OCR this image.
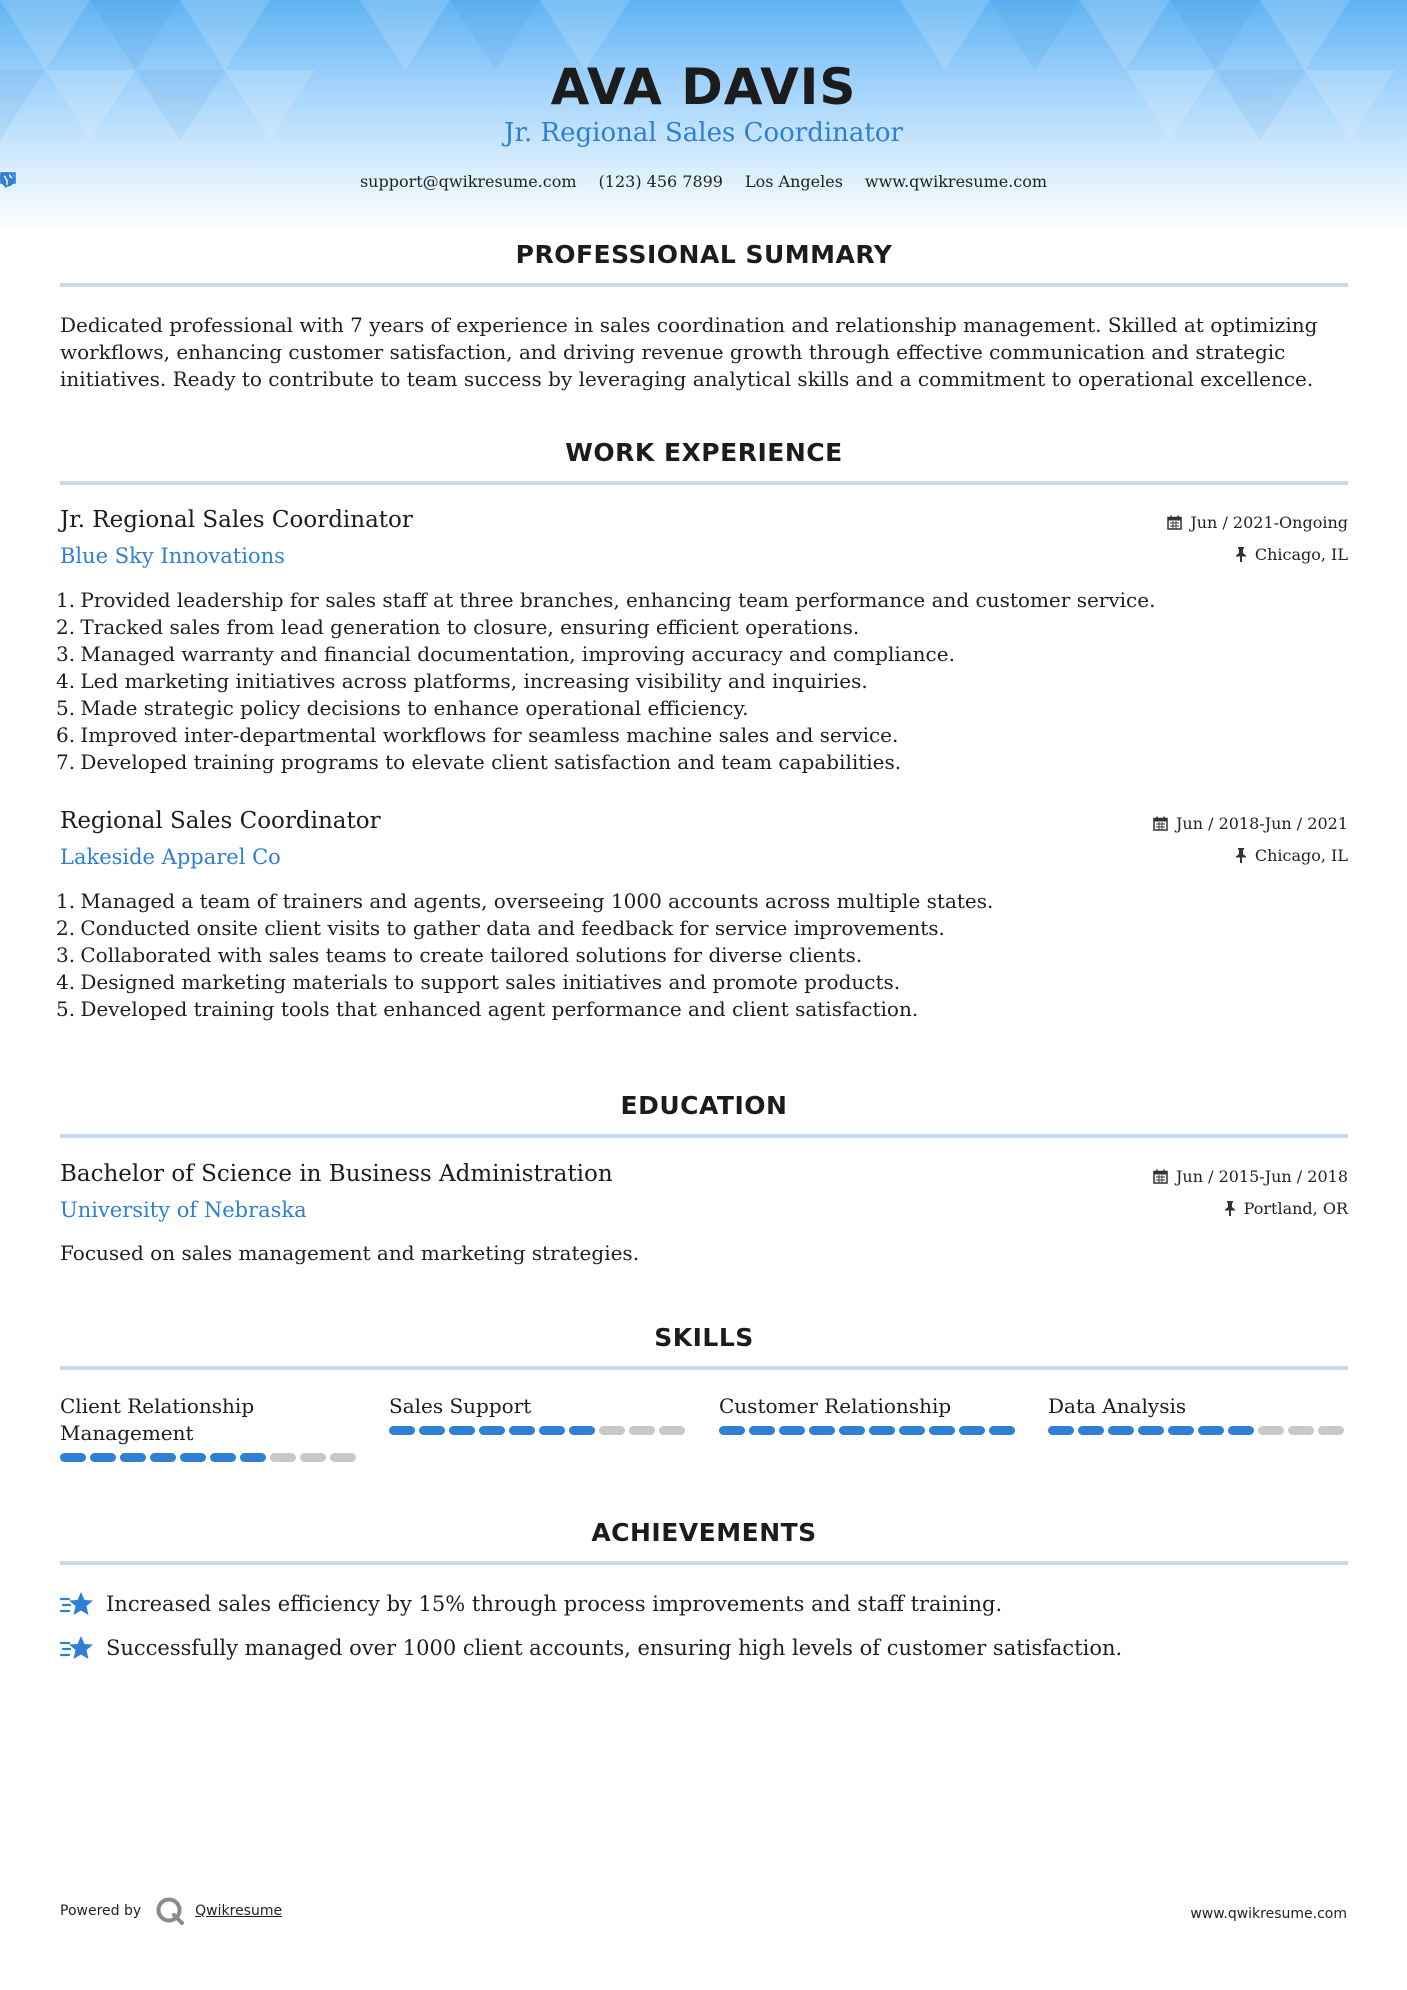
AVA DAVIS
Jr. Regional Sales Coordinator
support@qwikresume.com (123) 456 7899 Los Angeles www.qwikresume.com
PROFESSIONAL SUMMARY
Dedicated professional with 7 years of experience in sales coordination and relationship management. Skilled at optimizing workflows, enhancing customer satisfaction, and driving revenue growth through effective communication and strategic initiatives. Ready to contribute to team success by leveraging analytical skills and a commitment to operational excellence.
WORK EXPERIENCE
Jr. Regional Sales Coordinator
Blue Sky Innovations
Jun / 2021-Ongoing
Chicago, IL
1. Provided leadership for sales staff at three branches, enhancing team performance and customer service.
2. Tracked sales from lead generation to closure, ensuring efficient operations.
3. Managed warranty and financial documentation, improving accuracy and compliance.
4. Led marketing initiatives across platforms, increasing visibility and inquiries.
5. Made strategic policy decisions to enhance operational efficiency.
6. Improved inter-departmental workflows for seamless machine sales and service.
7. Developed training programs to elevate client satisfaction and team capabilities.
Regional Sales Coordinator
Lakeside Apparel Co
Jun / 2018-Jun / 2021
Chicago, IL
1. Managed a team of trainers and agents, overseeing 1000 accounts across multiple states.
2. Conducted onsite client visits to gather data and feedback for service improvements.
3. Collaborated with sales teams to create tailored solutions for diverse clients.
4. Designed marketing materials to support sales initiatives and promote products.
5. Developed training tools that enhanced agent performance and client satisfaction.
EDUCATION
Bachelor of Science in Business Administration
University of Nebraska
Jun / 2015-Jun / 2018
Portland, OR
Focused on sales management and marketing strategies.
SKILLS
Client Relationship Management
Sales Support	Customer Relationship	Data Analysis
ACHIEVEMENTS
Increased sales efficiency by 15% through process improvements and staff training.
Successfully managed over 1000 client accounts, ensuring high levels of customer satisfaction.
Powered by	Qwikresume	www.qwikresume.com
